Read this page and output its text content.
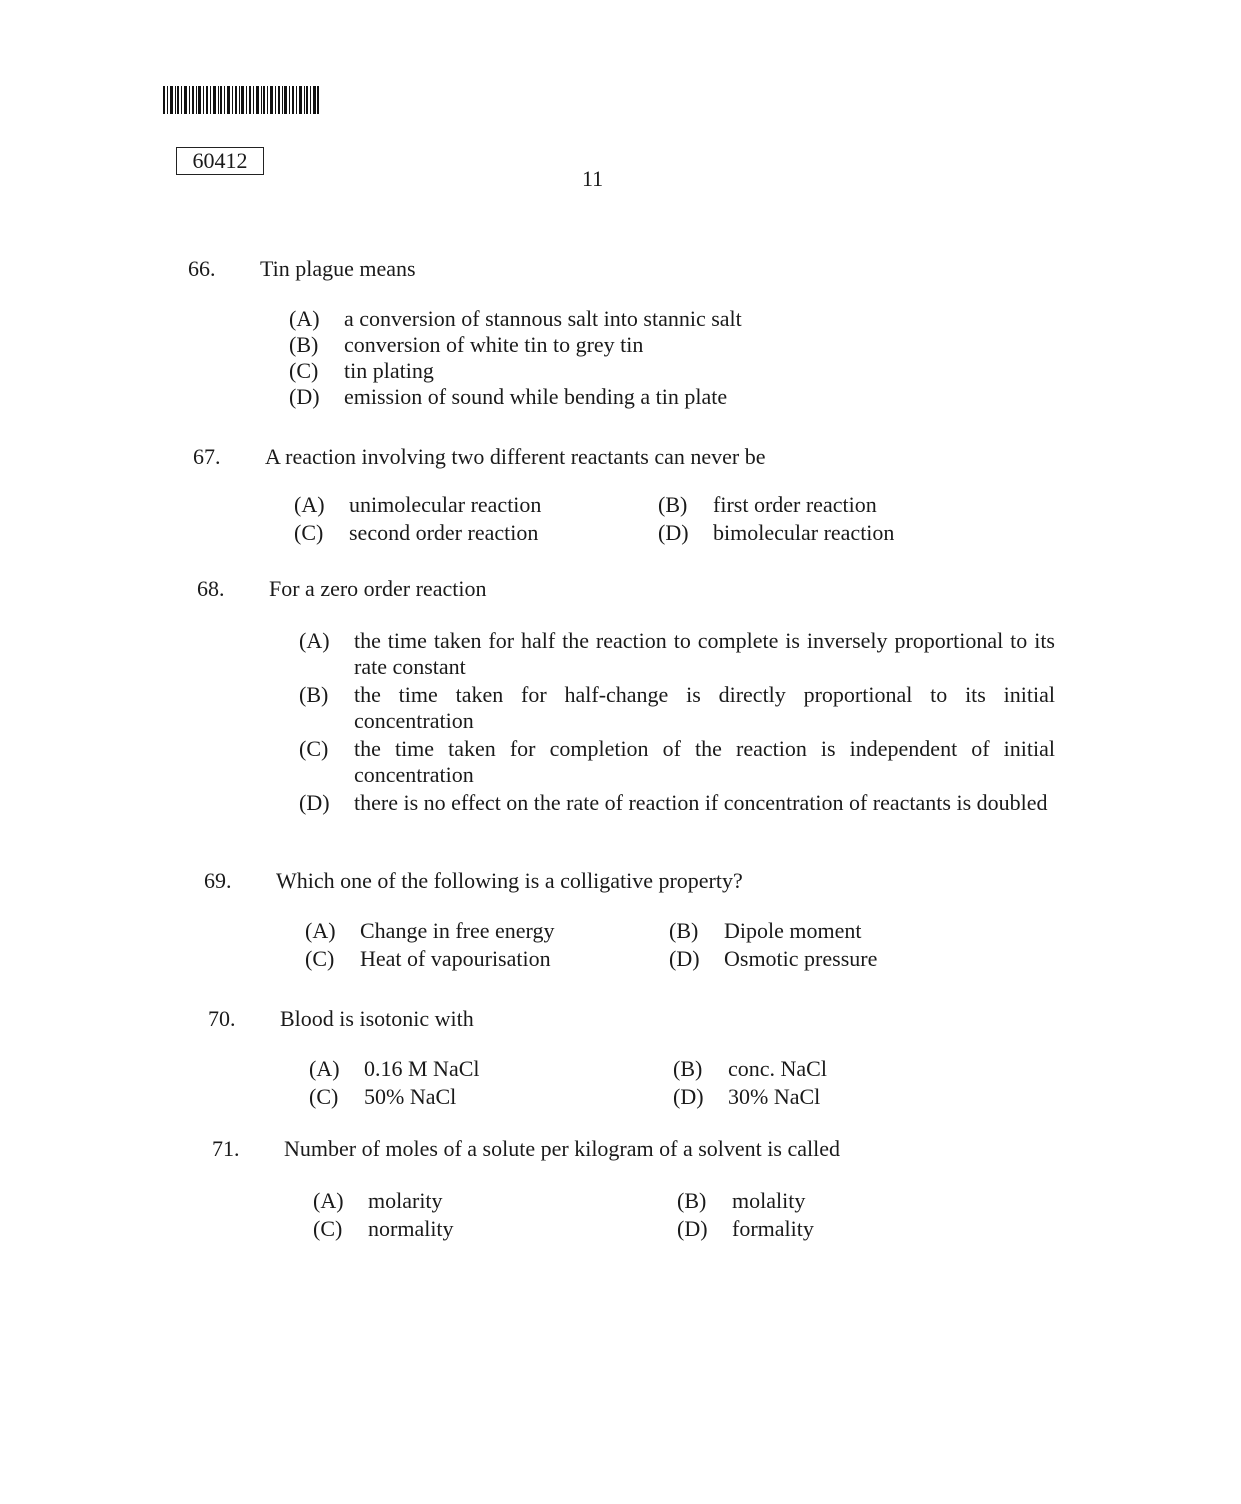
60412
11
66. Tin plague means
(A)	a conversion of stannous salt into stannic salt
(B)	conversion of white tin to grey tin
(C)	tin plating
(D)	emission of sound while bending a tin plate
67. A reaction involving two different reactants can never be
(A)	unimolecular reaction	(B)	first order reaction
(C)	second order reaction	(D)	bimolecular reaction
68. For a zero order reaction
(A)	the time taken for half the reaction to complete is inversely proportional to its rate constant
(B)	the time taken for half-change is directly proportional to its initial concentration
(C)	the time taken for completion of the reaction is independent of initial concentration
(D)	there is no effect on the rate of reaction if concentration of reactants is doubled
69. Which one of the following is a colligative property?
(A)	Change in free energy	(B)	Dipole moment
(C)	Heat of vapourisation	(D)	Osmotic pressure
70. Blood is isotonic with
(A)	0.16 M NaCl	(B)	conc. NaCl
(C)	50% NaCl	(D)	30% NaCl
71. Number of moles of a solute per kilogram of a solvent is called
(A)	molarity	(B)	molality
(C)	normality	(D)	formality
